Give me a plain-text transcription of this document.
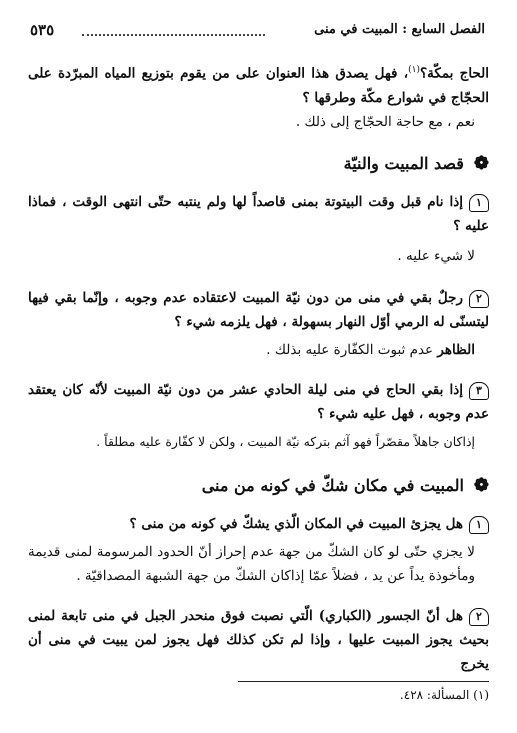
الفصل السابع : المبيت في منى
٥٣٥
الحاج بمكّة؟$^{(١)}$، فهل يصدق هذا العنوان على من يقوم بتوزيع المياه المبرّدة على الحجّاج في شوارع مكّة وطرقها ؟
نعم ، مع حاجة الحجّاج إلى ذلك .
❁قصد المبيت والنيّة
١إذا نام قبل وقت البيتوتة بمنى قاصداً لها ولم ينتبه حتّى انتهى الوقت ، فماذا عليه ؟
لا شيء عليه .
٢رجلٌ بقي في منى من دون نيّة المبيت لاعتقاده عدم وجوبه ، وإنّما بقي فيها ليتسنّى له الرمي أوّل النهار بسهولة ، فهل يلزمه شيء ؟
الظاهر عدم ثبوت الكفّارة عليه بذلك .
٣إذا بقي الحاج في منى ليلة الحادي عشر من دون نيّة المبيت لأنّه كان يعتقد عدم وجوبه ، فهل عليه شيء ؟
إذاكان جاهلاً مقصّراً فهو آثم بتركه نيّة المبيت ، ولكن لا كفّارة عليه مطلقاً .
❁المبيت في مكان شكّ في كونه من منى
١هل يجزئ المبيت في المكان الّذي يشكّ في كونه من منى ؟
لا يجزي حتّى لو كان الشكّ من جهة عدم إحراز أنّ الحدود المرسومة لمنى قديمة ومأخوذة يداً عن يد ، فضلاً عمّا إذاكان الشكّ من جهة الشبهة المصداقيّة .
٢هل أنّ الجسور (الكباري) الّتي نصبت فوق منحدر الجبل في منى تابعة لمنى بحيث يجوز المبيت عليها ، وإذا لم تكن كذلك فهل يجوز لمن يبيت في منى أن يخرج
(١) المسألة: ٤٢٨.
